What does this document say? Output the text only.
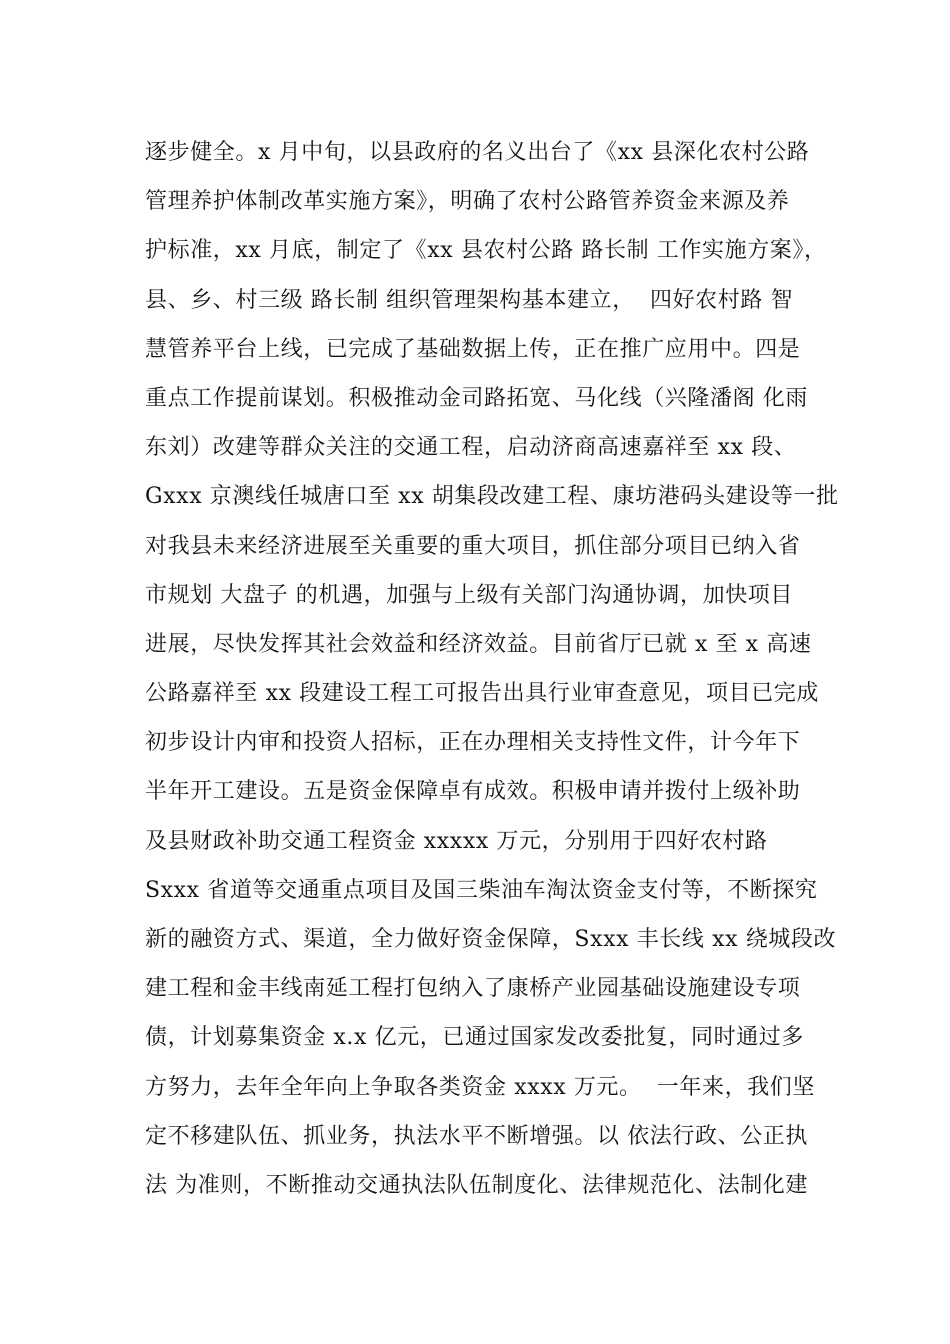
逐步健全。x 月中旬，以县政府的名义出台了《xx 县深化农村公路
管理养护体制改革实施方案》，明确了农村公路管养资金来源及养
护标准，xx 月底，制定了《xx 县农村公路 路长制 工作实施方案》，
县、乡、村三级 路长制 组织管理架构基本建立，  四好农村路 智
慧管养平台上线，已完成了基础数据上传，正在推广应用中。四是
重点工作提前谋划。积极推动金司路拓宽、马化线（兴隆潘阁 化雨
东刘）改建等群众关注的交通工程，启动济商高速嘉祥至 xx 段、
Gxxx 京澳线任城唐口至 xx 胡集段改建工程、康坊港码头建设等一批
对我县未来经济进展至关重要的重大项目，抓住部分项目已纳入省
市规划 大盘子 的机遇，加强与上级有关部门沟通协调，加快项目
进展，尽快发挥其社会效益和经济效益。目前省厅已就 x 至 x 高速
公路嘉祥至 xx 段建设工程工可报告出具行业审查意见，项目已完成
初步设计内审和投资人招标，正在办理相关支持性文件，计今年下
半年开工建设。五是资金保障卓有成效。积极申请并拨付上级补助
及县财政补助交通工程资金 xxxxx 万元，分别用于四好农村路
Sxxx 省道等交通重点项目及国三柴油车淘汰资金支付等，不断探究
新的融资方式、渠道，全力做好资金保障，Sxxx 丰长线 xx 绕城段改
建工程和金丰线南延工程打包纳入了康桥产业园基础设施建设专项
债，计划募集资金 x.x 亿元，已通过国家发改委批复，同时通过多
方努力，去年全年向上争取各类资金 xxxx 万元。  一年来，我们坚
定不移建队伍、抓业务，执法水平不断增强。以 依法行政、公正执
法 为准则，不断推动交通执法队伍制度化、法律规范化、法制化建
